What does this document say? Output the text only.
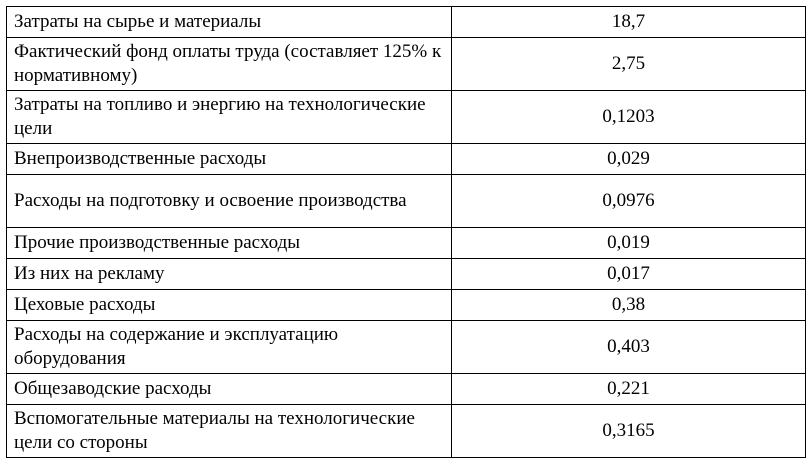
Затраты на сырье и материалы	18,7
Фактический фонд оплаты труда (составляет 125% к нормативному)	2,75
Затраты на топливо и энергию на технологические цели	0,1203
Внепроизводственные расходы	0,029
Расходы на подготовку и освоение производства	0,0976
Прочие производственные расходы	0,019
Из них на рекламу	0,017
Цеховые расходы	0,38
Расходы на содержание и эксплуатацию оборудования	0,403
Общезаводские расходы	0,221
Вспомогательные материалы на технологические цели со стороны	0,3165
